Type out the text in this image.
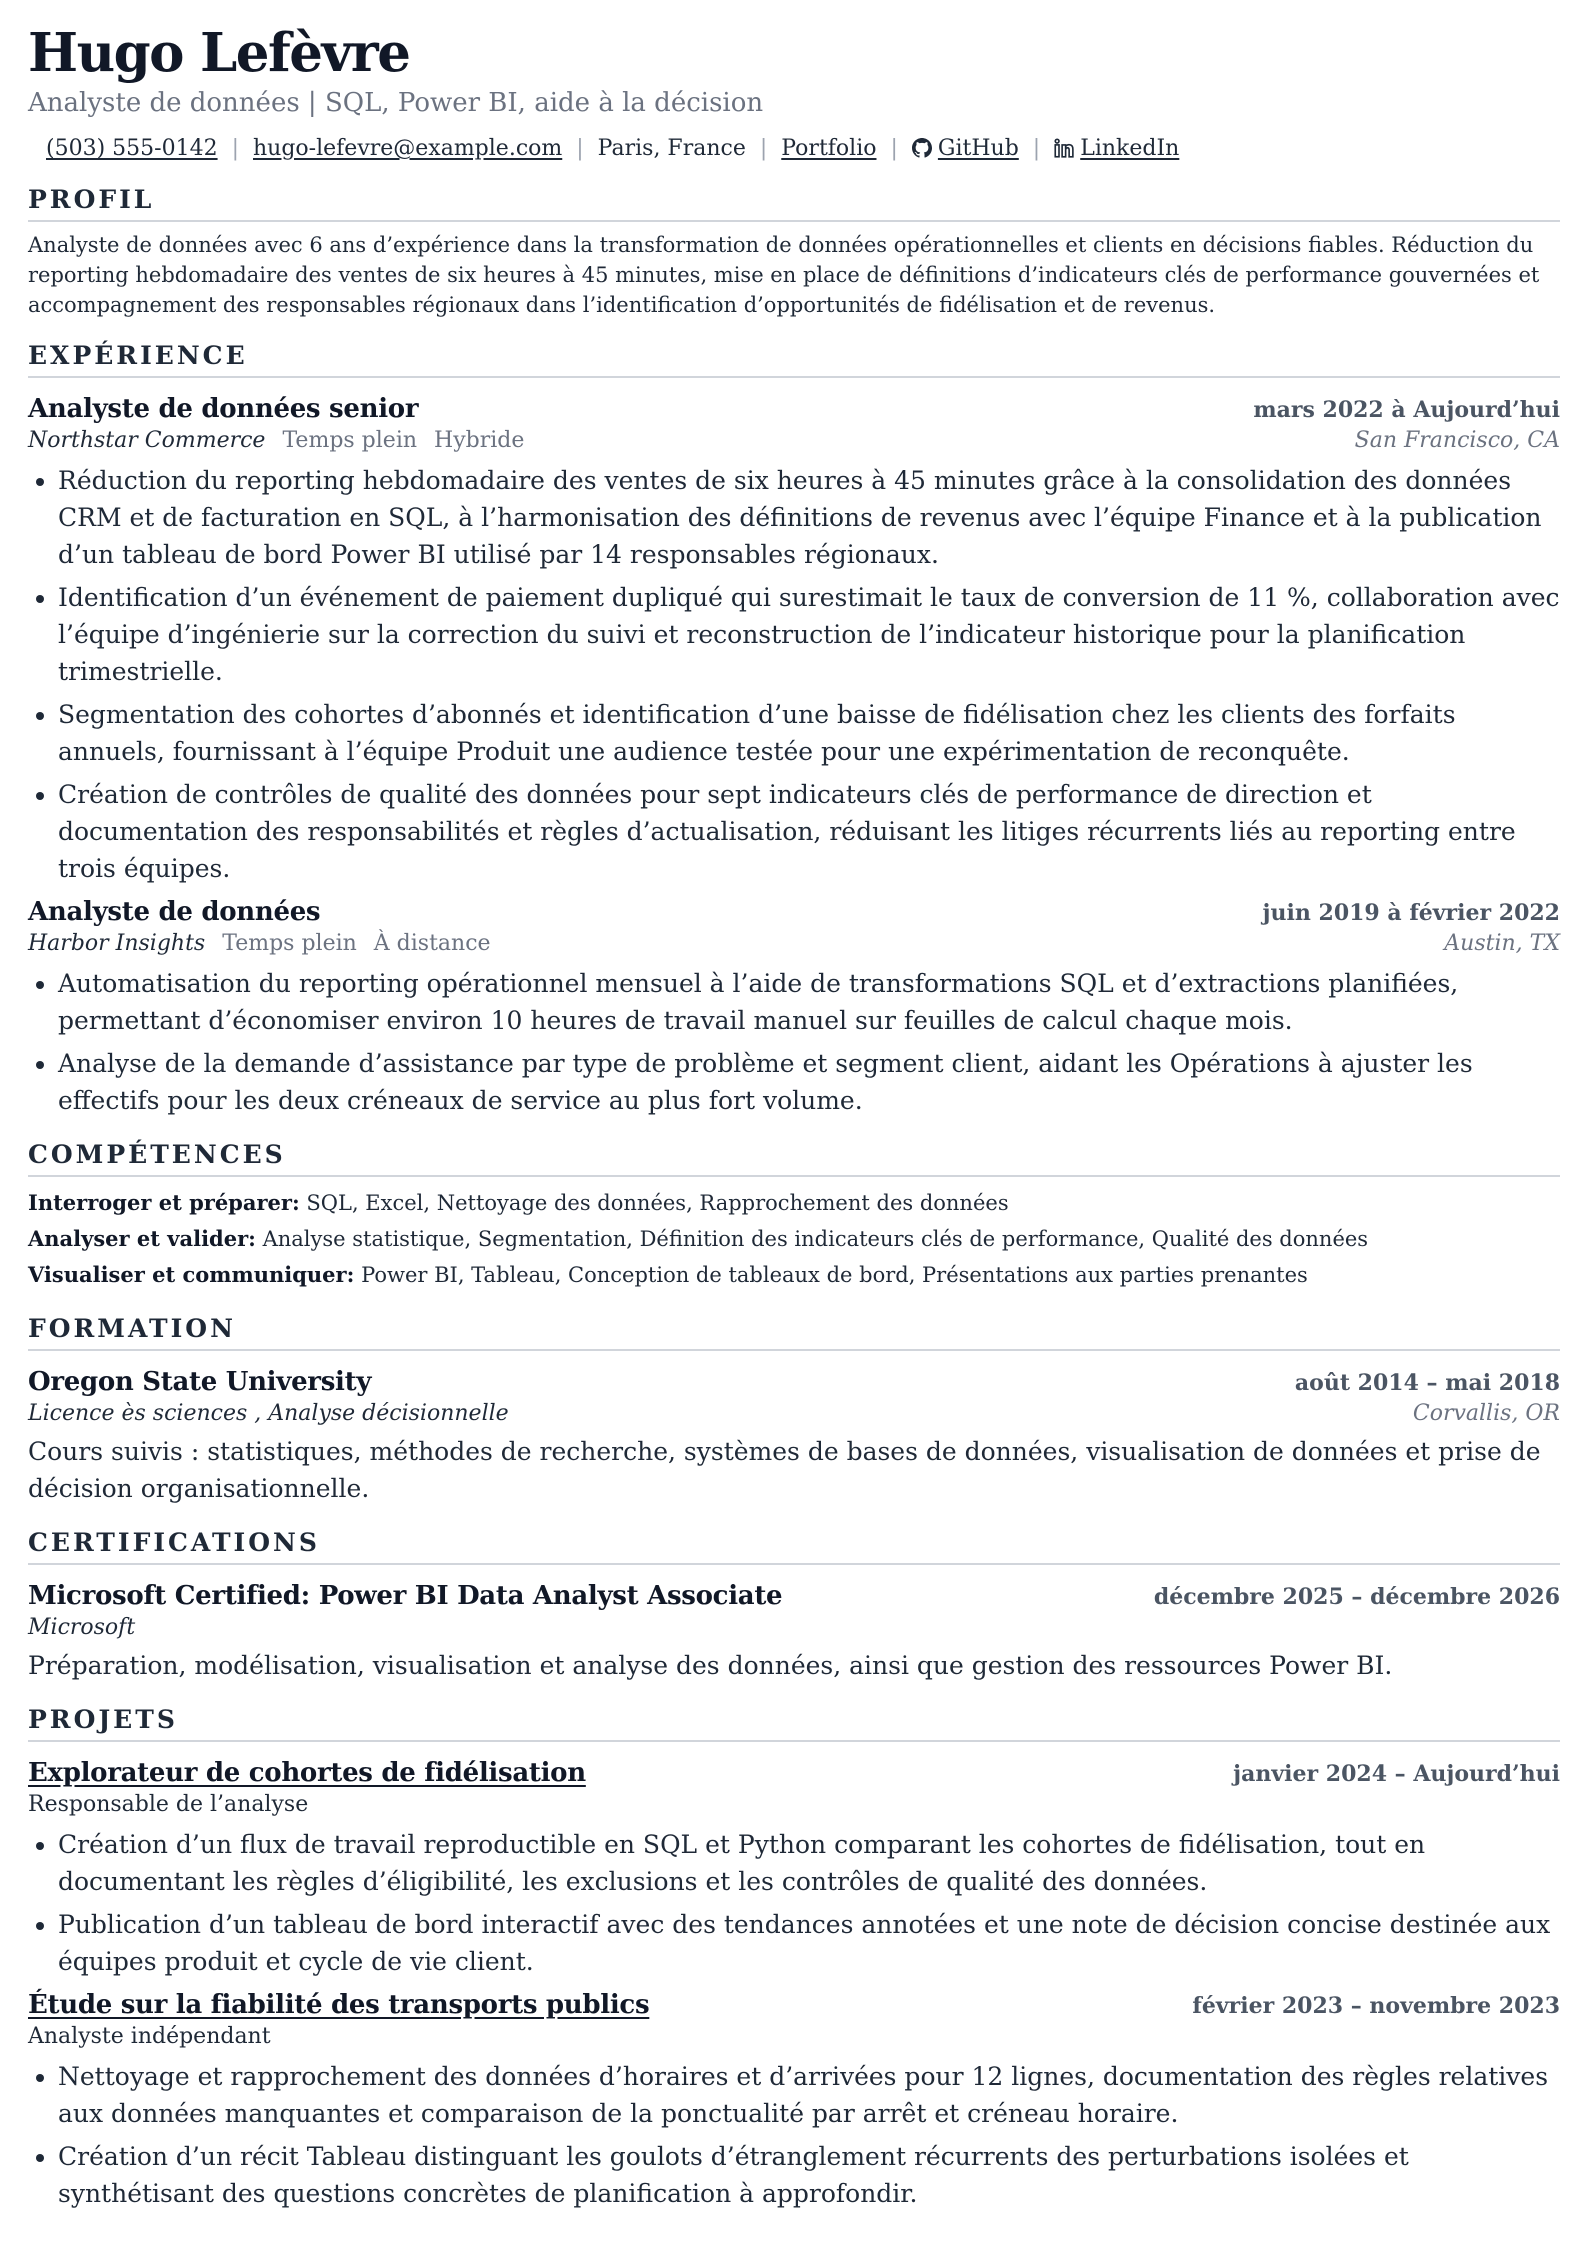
Hugo Lefèvre
Analyste de données | SQL, Power BI, aide à la décision
(503) 555-0142 | hugo-lefevre@example.com | Paris, France | Portfolio |	GitHub |	LinkedIn
PROFIL
Analyste de données avec 6 ans d’expérience dans la transformation de données opérationnelles et clients en décisions fiables. Réduction du reporting hebdomadaire des ventes de six heures à 45 minutes, mise en place de définitions d’indicateurs clés de performance gouvernées et accompagnement des responsables régionaux dans l’identification d’opportunités de fidélisation et de revenus.
EXPÉRIENCE
Analyste de données senior	mars 2022 à Aujourd’hui
Northstar Commerce Temps plein Hybride	San Francisco, CA
• Réduction du reporting hebdomadaire des ventes de six heures à 45 minutes grâce à la consolidation des données CRM et de facturation en SQL, à l’harmonisation des définitions de revenus avec l’équipe Finance et à la publication d’un tableau de bord Power BI utilisé par 14 responsables régionaux.
• Identification d’un événement de paiement dupliqué qui surestimait le taux de conversion de 11 %, collaboration avec l’équipe d’ingénierie sur la correction du suivi et reconstruction de l’indicateur historique pour la planification trimestrielle.
• Segmentation des cohortes d’abonnés et identification d’une baisse de fidélisation chez les clients des forfaits annuels, fournissant à l’équipe Produit une audience testée pour une expérimentation de reconquête.
• Création de contrôles de qualité des données pour sept indicateurs clés de performance de direction et documentation des responsabilités et règles d’actualisation, réduisant les litiges récurrents liés au reporting entre trois équipes.
Analyste de données	juin 2019 à février 2022
Harbor Insights Temps plein À distance	Austin, TX
• Automatisation du reporting opérationnel mensuel à l’aide de transformations SQL et d’extractions planifiées, permettant d’économiser environ 10 heures de travail manuel sur feuilles de calcul chaque mois.
• Analyse de la demande d’assistance par type de problème et segment client, aidant les Opérations à ajuster les effectifs pour les deux créneaux de service au plus fort volume.
COMPÉTENCES
Interroger et préparer: SQL, Excel, Nettoyage des données, Rapprochement des données
Analyser et valider: Analyse statistique, Segmentation, Définition des indicateurs clés de performance, Qualité des données
Visualiser et communiquer: Power BI, Tableau, Conception de tableaux de bord, Présentations aux parties prenantes
FORMATION
Oregon State University	août 2014 – mai 2018
Licence ès sciences , Analyse décisionnelle	Corvallis, OR
Cours suivis : statistiques, méthodes de recherche, systèmes de bases de données, visualisation de données et prise de décision organisationnelle.
CERTIFICATIONS
Microsoft Certified: Power BI Data Analyst Associate	décembre 2025 – décembre 2026
Microsoft
Préparation, modélisation, visualisation et analyse des données, ainsi que gestion des ressources Power BI.
PROJETS
Explorateur de cohortes de fidélisation	janvier 2024 – Aujourd’hui
Responsable de l’analyse
• Création d’un flux de travail reproductible en SQL et Python comparant les cohortes de fidélisation, tout en documentant les règles d’éligibilité, les exclusions et les contrôles de qualité des données.
• Publication d’un tableau de bord interactif avec des tendances annotées et une note de décision concise destinée aux équipes produit et cycle de vie client.
Étude sur la fiabilité des transports publics	février 2023 – novembre 2023
Analyste indépendant
• Nettoyage et rapprochement des données d’horaires et d’arrivées pour 12 lignes, documentation des règles relatives aux données manquantes et comparaison de la ponctualité par arrêt et créneau horaire.
• Création d’un récit Tableau distinguant les goulots d’étranglement récurrents des perturbations isolées et synthétisant des questions concrètes de planification à approfondir.
